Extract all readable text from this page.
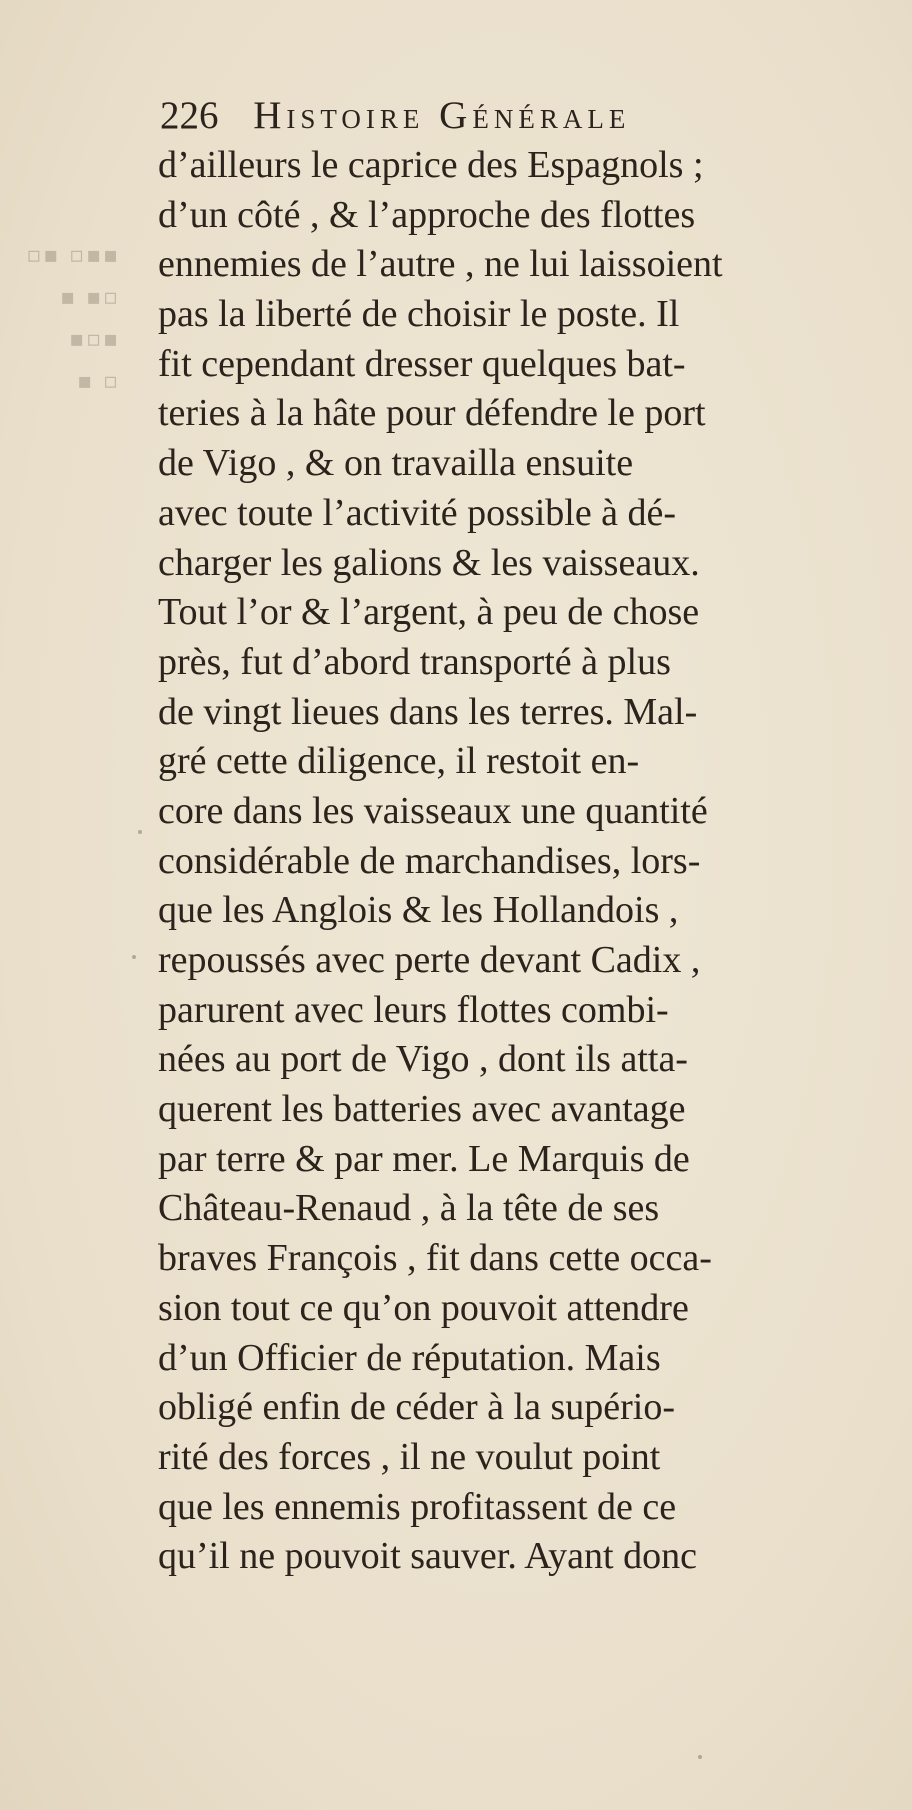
▪▪▫ ▪▫
▫▪ ▪
▪▫▪
▫ ▪
226 Histoire Générale
d’ailleurs le caprice des Espagnols ;
d’un côté , & l’approche des flottes
ennemies de l’autre , ne lui laissoient
pas la liberté de choisir le poste. Il
fit cependant dresser quelques bat-
teries à la hâte pour défendre le port
de Vigo , & on travailla ensuite
avec toute l’activité possible à dé-
charger les galions & les vaisseaux.
Tout l’or & l’argent, à peu de chose
près, fut d’abord transporté à plus
de vingt lieues dans les terres. Mal-
gré cette diligence, il restoit en-
core dans les vaisseaux une quantité
considérable de marchandises, lors-
que les Anglois & les Hollandois ,
repoussés avec perte devant Cadix ,
parurent avec leurs flottes combi-
nées au port de Vigo , dont ils atta-
querent les batteries avec avantage
par terre & par mer. Le Marquis de
Château-Renaud , à la tête de ses
braves François , fit dans cette occa-
sion tout ce qu’on pouvoit attendre
d’un Officier de réputation. Mais
obligé enfin de céder à la supério-
rité des forces , il ne voulut point
que les ennemis profitassent de ce
qu’il ne pouvoit sauver. Ayant donc
